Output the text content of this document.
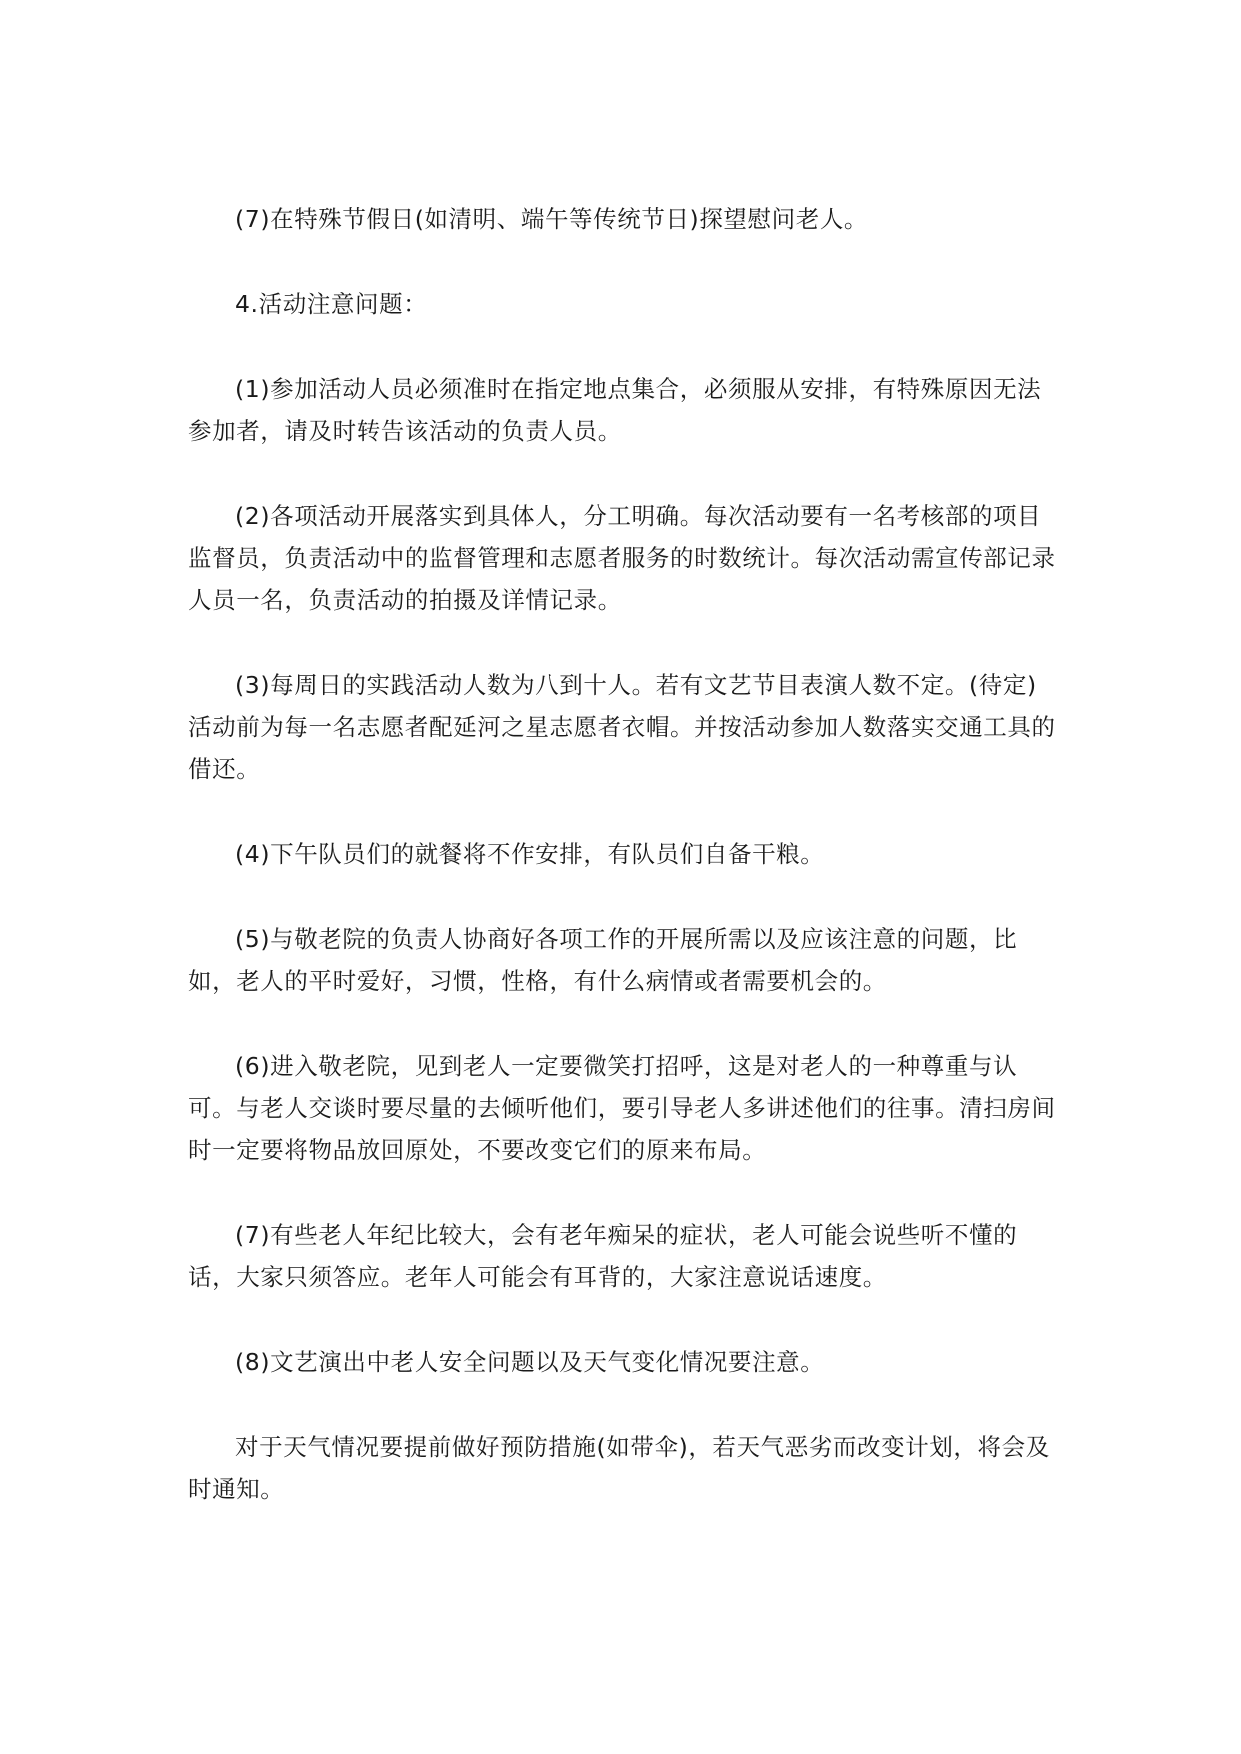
(7)在特殊节假日(如清明、端午等传统节日)探望慰问老人。

4.活动注意问题：

(1)参加活动人员必须准时在指定地点集合，必须服从安排，有特殊原因无法参加者，请及时转告该活动的负责人员。

(2)各项活动开展落实到具体人，分工明确。每次活动要有一名考核部的项目监督员，负责活动中的监督管理和志愿者服务的时数统计。每次活动需宣传部记录人员一名，负责活动的拍摄及详情记录。

(3)每周日的实践活动人数为八到十人。若有文艺节目表演人数不定。(待定)活动前为每一名志愿者配延河之星志愿者衣帽。并按活动参加人数落实交通工具的借还。

(4)下午队员们的就餐将不作安排，有队员们自备干粮。

(5)与敬老院的负责人协商好各项工作的开展所需以及应该注意的问题，比如，老人的平时爱好，习惯，性格，有什么病情或者需要机会的。

(6)进入敬老院，见到老人一定要微笑打招呼，这是对老人的一种尊重与认可。与老人交谈时要尽量的去倾听他们，要引导老人多讲述他们的往事。清扫房间时一定要将物品放回原处，不要改变它们的原来布局。

(7)有些老人年纪比较大，会有老年痴呆的症状，老人可能会说些听不懂的话，大家只须答应。老年人可能会有耳背的，大家注意说话速度。

(8)文艺演出中老人安全问题以及天气变化情况要注意。

对于天气情况要提前做好预防措施(如带伞)，若天气恶劣而改变计划，将会及时通知。
